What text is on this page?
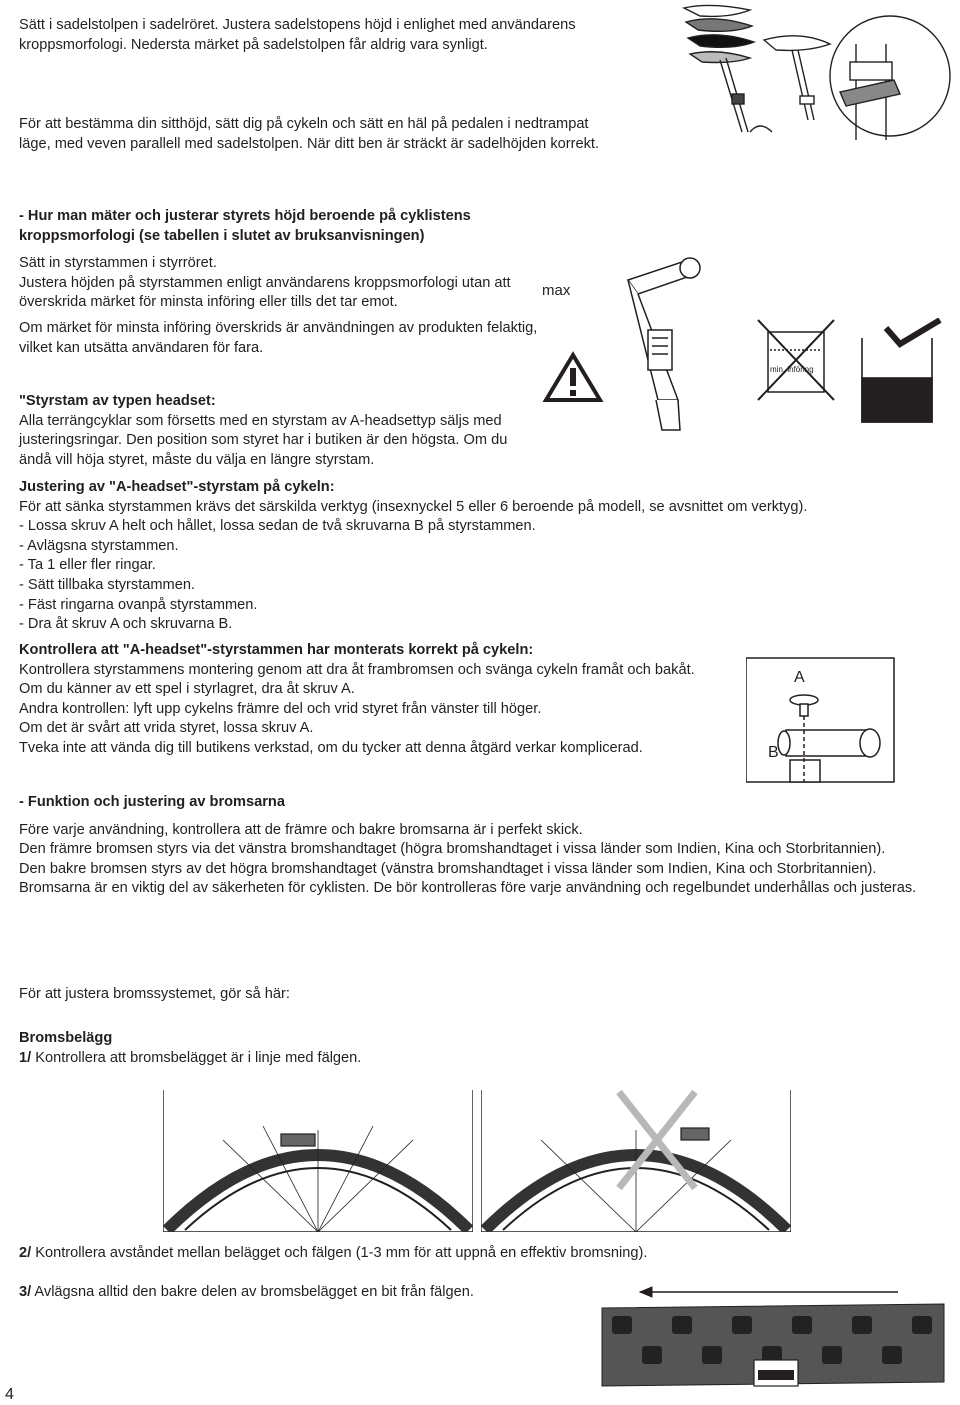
Sätt i sadelstolpen i sadelröret. Justera sadelstopens höjd i enlighet med användarens kroppsmorfologi. Nedersta märket på sadelstolpen får aldrig vara synligt.

För att bestämma din sitthöjd, sätt dig på cykeln och sätt en häl på pedalen i nedtrampat läge, med veven parallell med sadelstolpen. När ditt ben är sträckt är sadelhöjden korrekt.

- Hur man mäter och justerar styrets höjd beroende på cyklistens kroppsmorfologi (se tabellen i slutet av bruksanvisningen)

Sätt in styrstammen i styrröret.

Justera höjden på styrstammen enligt användarens kroppsmorfologi utan att överskrida märket för minsta införing eller tills det tar emot.

Om märket för minsta införing överskrids är användningen av produkten felaktig, vilket kan utsätta användaren för fara.

"Styrstam av typen headset:

Alla terrängcyklar som försetts med en styrstam av A-headsettyp säljs med justeringsringar. Den position som styret har i butiken är den högsta. Om du ändå vill höja styret, måste du välja en längre styrstam.

Justering av "A-headset"-styrstam på cykeln:

För att sänka styrstammen krävs det särskilda verktyg (insexnyckel 5 eller 6 beroende på modell, se avsnittet om verktyg).

- Lossa skruv A helt och hållet, lossa sedan de två skruvarna B på styrstammen.

- Avlägsna styrstammen.

- Ta 1 eller fler ringar.

- Sätt tillbaka styrstammen.

- Fäst ringarna ovanpå styrstammen.

- Dra åt skruv A och skruvarna B.

Kontrollera att "A-headset"-styrstammen har monterats korrekt på cykeln:

Kontrollera styrstammens montering genom att dra åt frambromsen och svänga cykeln framåt och bakåt. Om du känner av ett spel i styrlagret, dra åt skruv A.

Andra kontrollen: lyft upp cykelns främre del och vrid styret från vänster till höger.

Om det är svårt att vrida styret, lossa skruv A.

Tveka inte att vända dig till butikens verkstad, om du tycker att denna åtgärd verkar komplicerad.

- Funktion och justering av bromsarna

Före varje användning, kontrollera att de främre och bakre bromsarna är i perfekt skick.

Den främre bromsen styrs via det vänstra bromshandtaget (högra bromshandtaget i vissa länder som Indien, Kina och Storbritannien).

Den bakre bromsen styrs av det högra bromshandtaget (vänstra bromshandtaget i vissa länder som Indien, Kina och Storbritannien).

Bromsarna är en viktig del av säkerheten för cyklisten. De bör kontrolleras före varje användning och regelbundet underhållas och justeras.

För att justera bromssystemet, gör så här:

Bromsbelägg

1/ Kontrollera att bromsbelägget är i linje med fälgen.

2/ Kontrollera avståndet mellan belägget och fälgen (1-3 mm för att uppnå en effektiv bromsning).

3/ Avlägsna alltid den bakre delen av bromsbelägget en bit från fälgen.

4
max
min. införing
A
B
